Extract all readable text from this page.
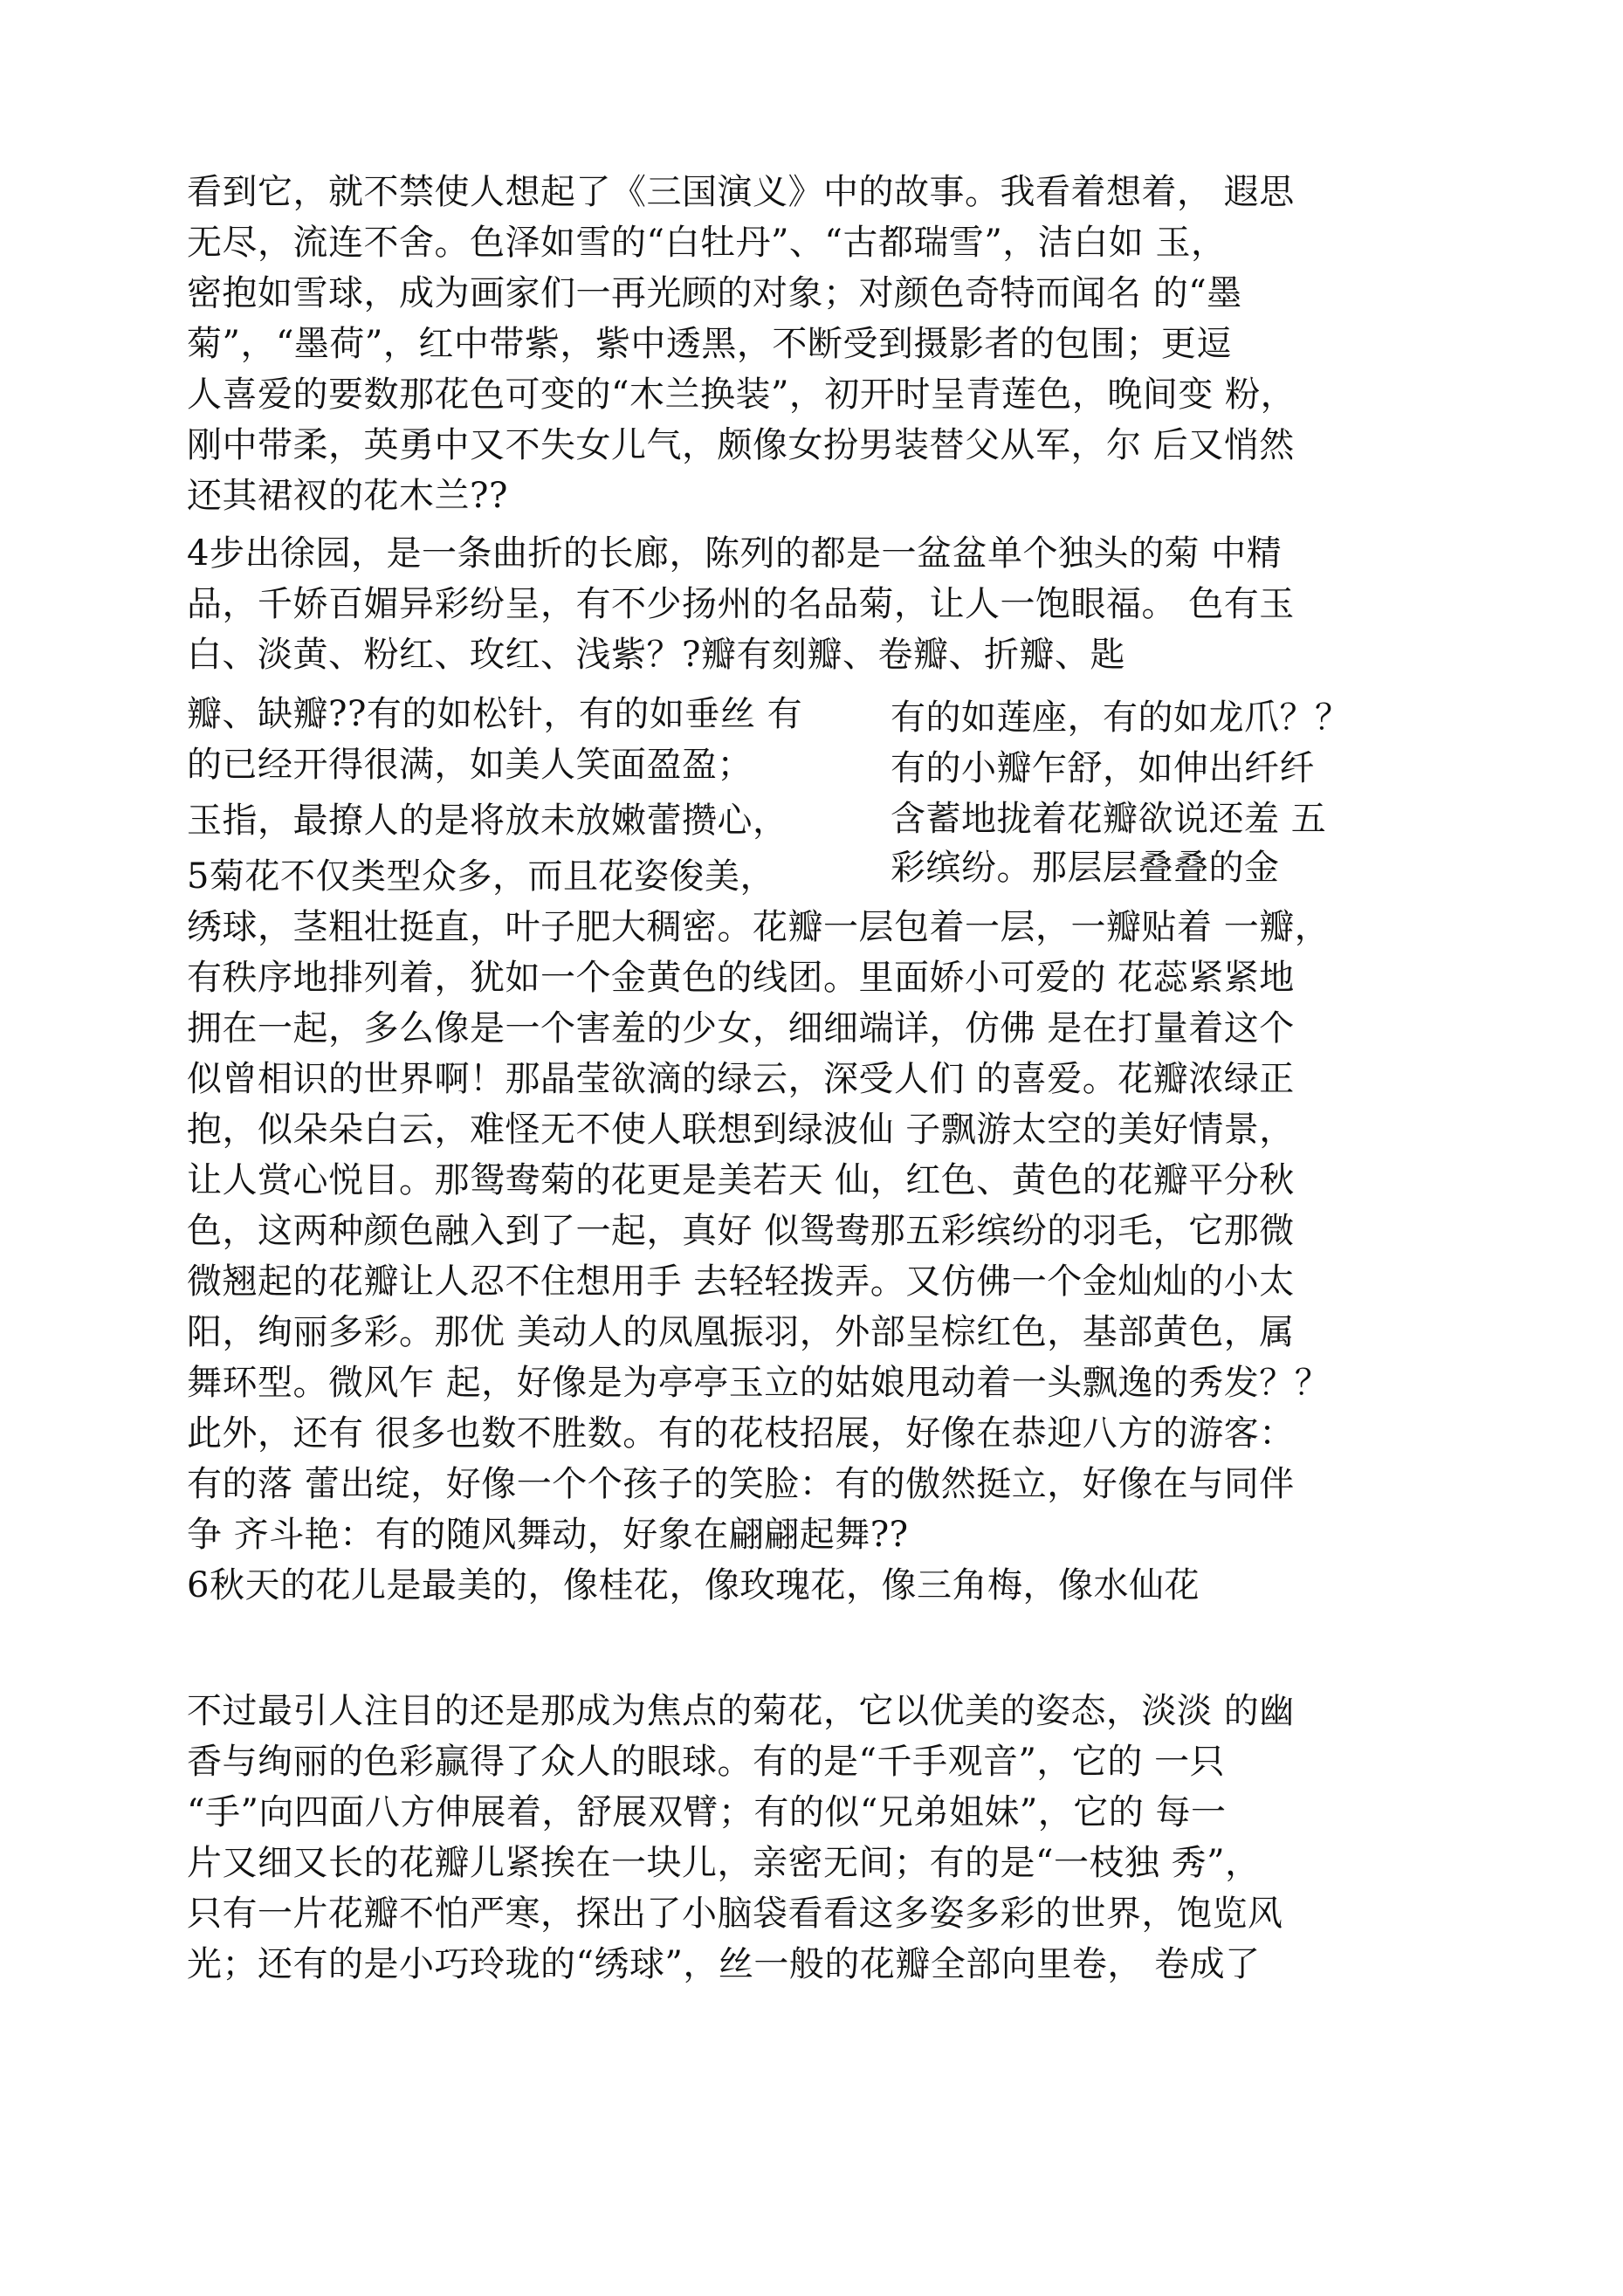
看到它，就不禁使人想起了《三国演义》中的故事。我看着想着， 遐思
无尽，流连不舍。色泽如雪的“白牡丹”、“古都瑞雪”，洁白如 玉，
密抱如雪球，成为画家们一再光顾的对象；对颜色奇特而闻名 的“墨
菊”，“墨荷”，红中带紫，紫中透黑，不断受到摄影者的包围；更逗
人喜爱的要数那花色可变的“木兰换装”，初开时呈青莲色，晚间变 粉，
刚中带柔，英勇中又不失女儿气，颇像女扮男装替父从军，尔 后又悄然
还其裙衩的花木兰??
4步出徐园，是一条曲折的长廊，陈列的都是一盆盆单个独头的菊 中精
品，千娇百媚异彩纷呈，有不少扬州的名品菊，让人一饱眼福。 色有玉
白、淡黄、粉红、玫红、浅紫？?瓣有刻瓣、卷瓣、折瓣、匙
瓣、缺瓣??有的如松针，有的如垂丝 有
的已经开得很满，如美人笑面盈盈；
玉指，最撩人的是将放未放嫩蕾攒心，
5菊花不仅类型众多，而且花姿俊美，
有的如莲座，有的如龙爪？？
有的小瓣乍舒，如伸出纤纤
含蓄地拢着花瓣欲说还羞 五
彩缤纷。那层层叠叠的金
绣球，茎粗壮挺直，叶子肥大稠密。花瓣一层包着一层，一瓣贴着 一瓣，
有秩序地排列着，犹如一个金黄色的线团。里面娇小可爱的 花蕊紧紧地
拥在一起，多么像是一个害羞的少女，细细端详，仿佛 是在打量着这个
似曾相识的世界啊！那晶莹欲滴的绿云，深受人们 的喜爱。花瓣浓绿正
抱，似朵朵白云，难怪无不使人联想到绿波仙 子飘游太空的美好情景，
让人赏心悦目。那鸳鸯菊的花更是美若天 仙，红色、黄色的花瓣平分秋
色，这两种颜色融入到了一起，真好 似鸳鸯那五彩缤纷的羽毛，它那微
微翘起的花瓣让人忍不住想用手 去轻轻拨弄。又仿佛一个金灿灿的小太
阳，绚丽多彩。那优 美动人的凤凰振羽，外部呈棕红色，基部黄色，属
舞环型。微风乍 起，好像是为亭亭玉立的姑娘甩动着一头飘逸的秀发？？
此外，还有 很多也数不胜数。有的花枝招展，好像在恭迎八方的游客：
有的落 蕾出绽，好像一个个孩子的笑脸：有的傲然挺立，好像在与同伴
争 齐斗艳：有的随风舞动，好象在翩翩起舞??
6秋天的花儿是最美的，像桂花，像玫瑰花，像三角梅，像水仙花
不过最引人注目的还是那成为焦点的菊花，它以优美的姿态，淡淡 的幽
香与绚丽的色彩赢得了众人的眼球。有的是“千手观音”，它的 一只
“手”向四面八方伸展着，舒展双臂；有的似“兄弟姐妹”，它的 每一
片又细又长的花瓣儿紧挨在一块儿，亲密无间；有的是“一枝独 秀”，
只有一片花瓣不怕严寒，探出了小脑袋看看这多姿多彩的世界，饱览风
光；还有的是小巧玲珑的“绣球”，丝一般的花瓣全部向里卷， 卷成了
